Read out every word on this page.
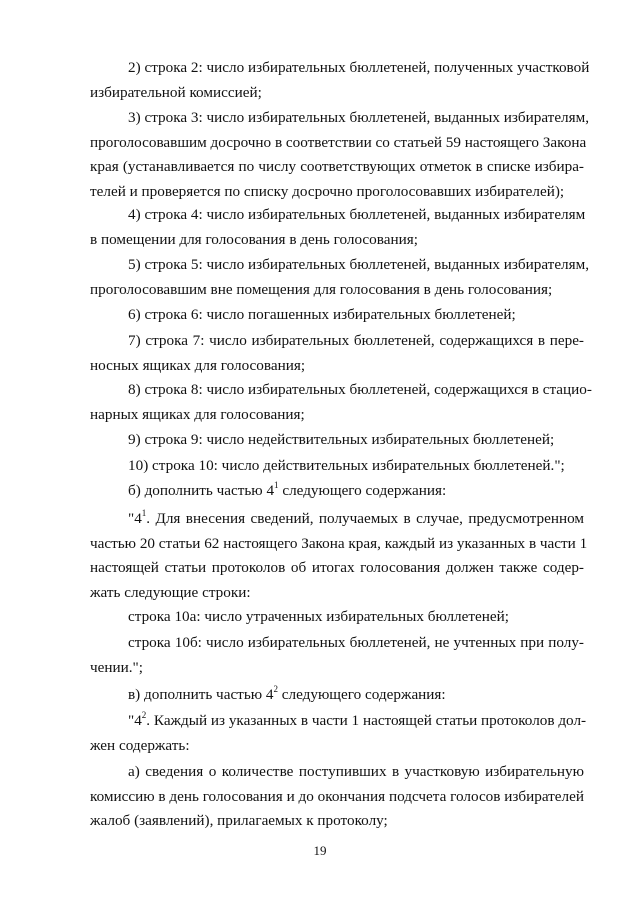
2) строка 2: число избирательных бюллетеней, полученных участковой
избирательной комиссией;

3) строка 3: число избирательных бюллетеней, выданных избирателям,
проголосовавшим досрочно в соответствии со статьей 59 настоящего Закона
края (устанавливается по числу соответствующих отметок в списке избира-
телей и проверяется по списку досрочно проголосовавших избирателей);

4) строка 4: число избирательных бюллетеней, выданных избирателям
в помещении для голосования в день голосования;

5) строка 5: число избирательных бюллетеней, выданных избирателям,
проголосовавшим вне помещения для голосования в день голосования;

6) строка 6: число погашенных избирательных бюллетеней;

7) строка 7: число избирательных бюллетеней, содержащихся в пере-
носных ящиках для голосования;

8) строка 8: число избирательных бюллетеней, содержащихся в стацио-
нарных ящиках для голосования;

9) строка 9: число недействительных избирательных бюллетеней;

10) строка 10: число действительных избирательных бюллетеней.";

б) дополнить частью $4^1$ следующего содержания:

"$4^1$. Для внесения сведений, получаемых в случае, предусмотренном
частью 20 статьи 62 настоящего Закона края, каждый из указанных в части 1
настоящей статьи протоколов об итогах голосования должен также содер-
жать следующие строки:

строка 10а: число утраченных избирательных бюллетеней;

строка 10б: число избирательных бюллетеней, не учтенных при полу-
чении.";

в) дополнить частью $4^2$ следующего содержания:

"$4^2$. Каждый из указанных в части 1 настоящей статьи протоколов дол-
жен содержать:

а) сведения о количестве поступивших в участковую избирательную
комиссию в день голосования и до окончания подсчета голосов избирателей
жалоб (заявлений), прилагаемых к протоколу;

19
